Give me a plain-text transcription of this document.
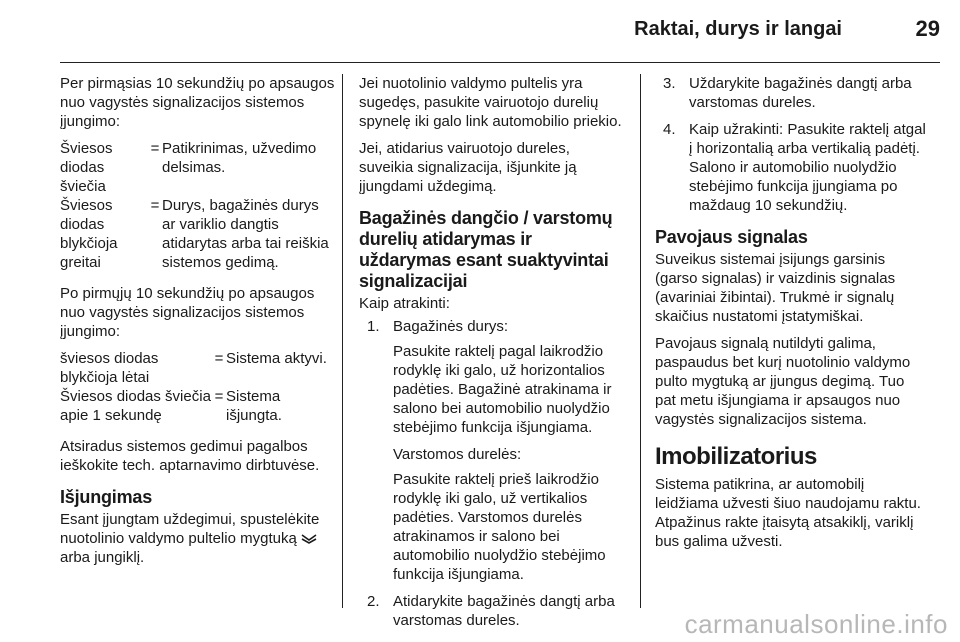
Raktai, durys ir langai	29

Per pirmąsias 10 sekundžių po apsaugos nuo vagystės signalizacijos sistemos įjungimo:

Šviesos diodas šviečia
= Patikrinimas, užvedimo delsimas.
Šviesos diodas blykčioja greitai
= Durys, bagažinės durys ar variklio dangtis atidarytas arba tai reiškia sistemos gedimą.

Po pirmųjų 10 sekundžių po apsaugos nuo vagystės signalizacijos sistemos įjungimo:

šviesos diodas blykčioja lėtai
= Sistema aktyvi.
Šviesos diodas šviečia apie 1 sekundę
= Sistema išjungta.

Atsiradus sistemos gedimui pagalbos ieškokite tech. aptarnavimo dirbtuvėse.

Išjungimas

Esant įjungtam uždegimui, spustelėkite nuotolinio valdymo pultelio mygtuką  arba jungiklį.

Jei nuotolinio valdymo pultelis yra sugedęs, pasukite vairuotojo durelių spynelę iki galo link automobilio priekio.

Jei, atidarius vairuotojo dureles, suveikia signalizacija, išjunkite ją įjungdami uždegimą.

Bagažinės dangčio / varstomų durelių atidarymas ir uždarymas esant suaktyvintai signalizacijai

Kaip atrakinti:

1. Bagažinės durys:

Pasukite raktelį pagal laikrodžio rodyklę iki galo, už horizontalios padėties. Bagažinė atrakinama ir salono bei automobilio nuolydžio stebėjimo funkcija išjungiama.

Varstomos durelės:

Pasukite raktelį prieš laikrodžio rodyklę iki galo, už vertikalios padėties. Varstomos durelės atrakinamos ir salono bei automobilio nuolydžio stebėjimo funkcija išjungiama.

2. Atidarykite bagažinės dangtį arba varstomas dureles.
3. Uždarykite bagažinės dangtį arba varstomas dureles.
4. Kaip užrakinti: Pasukite raktelį atgal į horizontalią arba vertikalią padėtį. Salono ir automobilio nuolydžio stebėjimo funkcija įjungiama po maždaug 10 sekundžių.
Pavojaus signalas

Suveikus sistemai įsijungs garsinis (garso signalas) ir vaizdinis signalas (avariniai žibintai). Trukmė ir signalų skaičius nustatomi įstatymiškai.

Pavojaus signalą nutildyti galima, paspaudus bet kurį nuotolinio valdymo pulto mygtuką ar įjungus degimą. Tuo pat metu išjungiama ir apsaugos nuo vagystės signalizacijos sistema.

Imobilizatorius

Sistema patikrina, ar automobilį leidžiama užvesti šiuo naudojamu raktu. Atpažinus rakte įtaisytą atsakiklį, variklį bus galima užvesti.

carmanualsonline.info
